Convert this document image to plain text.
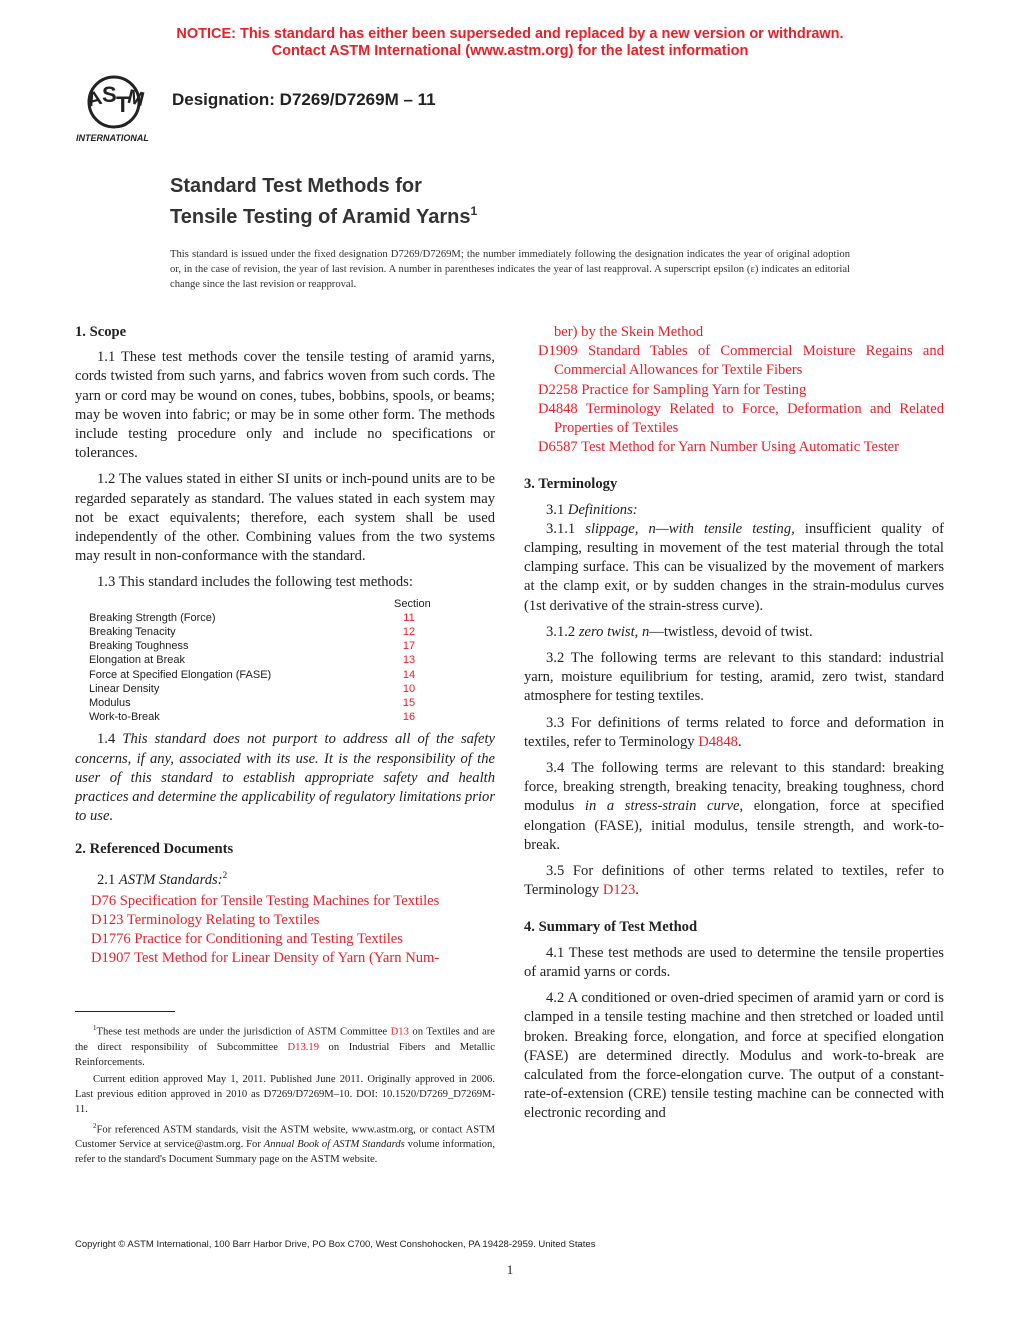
NOTICE: This standard has either been superseded and replaced by a new version or withdrawn.
Contact ASTM International (www.astm.org) for the latest information
A
S T
M
INTERNATIONAL
Designation: D7269/D7269M – 11
Standard Test Methods for
Tensile Testing of Aramid Yarns$^1$
This standard is issued under the fixed designation D7269/D7269M; the number immediately following the designation indicates the year of original adoption or, in the case of revision, the year of last revision. A number in parentheses indicates the year of last reapproval. A superscript epsilon (ε) indicates an editorial change since the last revision or reapproval.
1. Scope

1.1 These test methods cover the tensile testing of aramid yarns, cords twisted from such yarns, and fabrics woven from such cords. The yarn or cord may be wound on cones, tubes, bobbins, spools, or beams; may be woven into fabric; or may be in some other form. The methods include testing procedure only and include no specifications or tolerances.

1.2 The values stated in either SI units or inch-pound units are to be regarded separately as standard. The values stated in each system may not be exact equivalents; therefore, each system shall be used independently of the other. Combining values from the two systems may result in non-conformance with the standard.

1.3 This standard includes the following test methods:

Section
Breaking Strength (Force)	11
Breaking Tenacity	12
Breaking Toughness	17
Elongation at Break	13
Force at Specified Elongation (FASE)	14
Linear Density	10
Modulus	15
Work-to-Break	16

1.4 This standard does not purport to address all of the safety concerns, if any, associated with its use. It is the responsibility of the user of this standard to establish appropriate safety and health practices and determine the applicability of regulatory limitations prior to use.

2. Referenced Documents

2.1 ASTM Standards:$^2$

D76 Specification for Tensile Testing Machines for Textiles

D123 Terminology Relating to Textiles

D1776 Practice for Conditioning and Testing Textiles

D1907 Test Method for Linear Density of Yarn (Yarn Num-

$^1$These test methods are under the jurisdiction of ASTM Committee D13 on Textiles and are the direct responsibility of Subcommittee D13.19 on Industrial Fibers and Metallic Reinforcements.

Current edition approved May 1, 2011. Published June 2011. Originally approved in 2006. Last previous edition approved in 2010 as D7269/D7269M–10. DOI: 10.1520/D7269_D7269M-11.

$^2$For referenced ASTM standards, visit the ASTM website, www.astm.org, or contact ASTM Customer Service at service@astm.org. For Annual Book of ASTM Standards volume information, refer to the standard's Document Summary page on the ASTM website.

ber) by the Skein Method

D1909 Standard Tables of Commercial Moisture Regains and Commercial Allowances for Textile Fibers

D2258 Practice for Sampling Yarn for Testing

D4848 Terminology Related to Force, Deformation and Related Properties of Textiles

D6587 Test Method for Yarn Number Using Automatic Tester

3. Terminology

3.1 Definitions:

3.1.1 slippage, n—with tensile testing, insufficient quality of clamping, resulting in movement of the test material through the total clamping surface. This can be visualized by the movement of markers at the clamp exit, or by sudden changes in the strain-modulus curves (1st derivative of the strain-stress curve).

3.1.2 zero twist, n—twistless, devoid of twist.

3.2 The following terms are relevant to this standard: industrial yarn, moisture equilibrium for testing, aramid, zero twist, standard atmosphere for testing textiles.

3.3 For definitions of terms related to force and deformation in textiles, refer to Terminology D4848.

3.4 The following terms are relevant to this standard: breaking force, breaking strength, breaking tenacity, breaking toughness, chord modulus in a stress-strain curve, elongation, force at specified elongation (FASE), initial modulus, tensile strength, and work-to-break.

3.5 For definitions of other terms related to textiles, refer to Terminology D123.

4. Summary of Test Method

4.1 These test methods are used to determine the tensile properties of aramid yarns or cords.

4.2 A conditioned or oven-dried specimen of aramid yarn or cord is clamped in a tensile testing machine and then stretched or loaded until broken. Breaking force, elongation, and force at specified elongation (FASE) are determined directly. Modulus and work-to-break are calculated from the force-elongation curve. The output of a constant-rate-of-extension (CRE) tensile testing machine can be connected with electronic recording and

Copyright © ASTM International, 100 Barr Harbor Drive, PO Box C700, West Conshohocken, PA 19428-2959. United States
1
